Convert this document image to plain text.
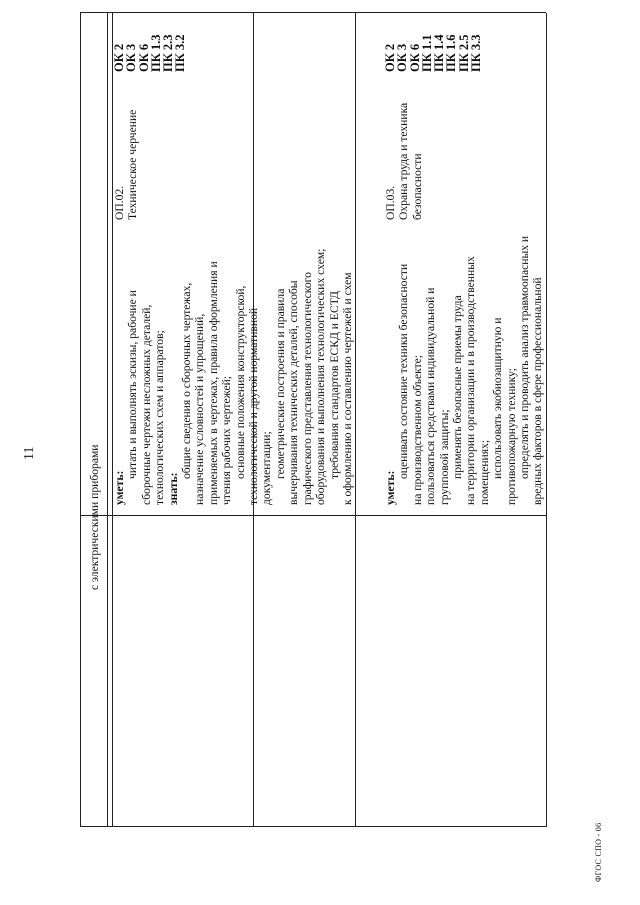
11
ФГОС СПО - 06
с электрическими приборами уметь:
читать и выполнять эскизы, рабочие и сборочные чертежи несложных деталей, технологических схем и аппаратов; знать:
общие сведения о сборочных чертежах, назначение условностей и упрощений, применяемых в чертежах, правила оформления и чтения рабочих чертежей; основные положения конструкторской, технологической и другой нормативной документации; геометрические построения и правила вычерчивания технических деталей, способы графического представления технологического оборудования и выполнения технологических схем; требования стандартов ЕСКД и ЕСТД к оформлению и составлению чертежей и схем
ОП.02. Техническое черчение
ОК 2
ОК 3
ОК 6
ПК 1.3
ПК 2.3
ПК 3.2
уметь:
оценивать состояние техники безопасности на производственном объекте; пользоваться средствами индивидуальной и групповой защиты; применять безопасные приемы труда на территории организации и в производственных помещениях; использовать экобиозащитную и противопожарную технику; определять и проводить анализ травмоопасных и вредных факторов в сфере профессиональной
ОП.03. Охрана труда и техника безопасности
ОК 2
ОК 3
ОК 6
ПК 1.1
ПК 1.4
ПК 1.6
ПК 2.5
ПК 3.3
